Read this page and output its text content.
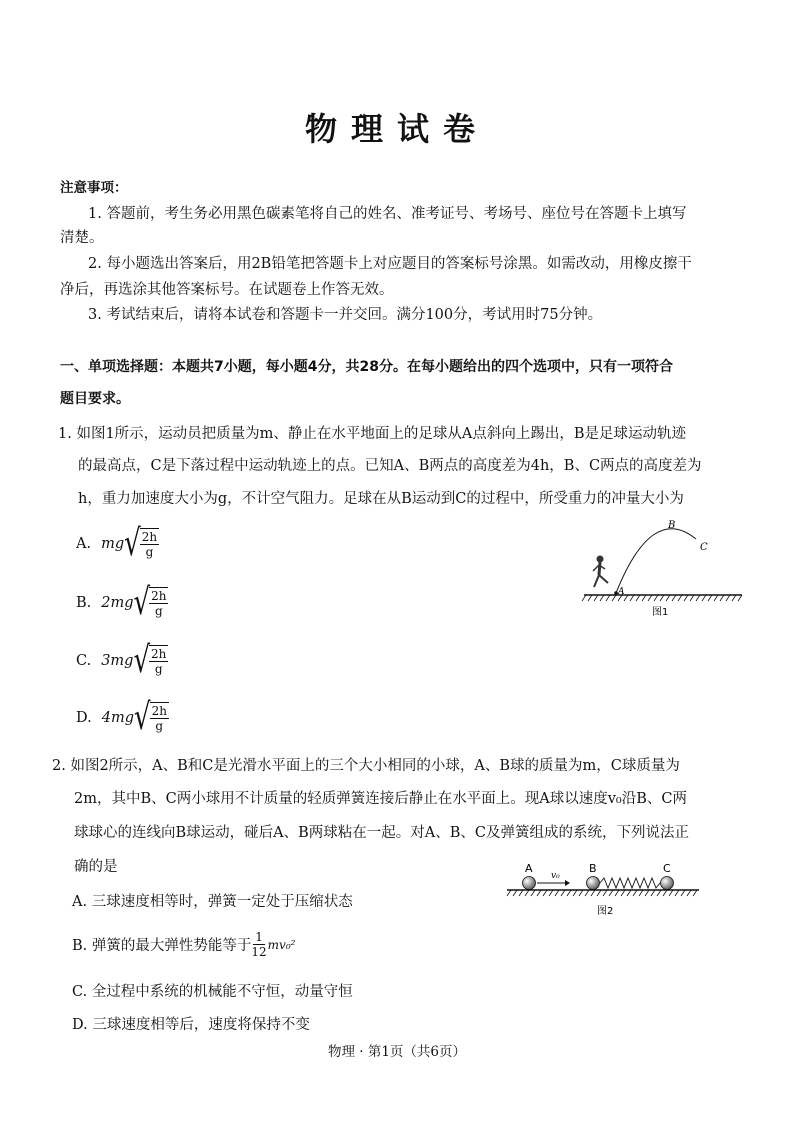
物理试卷
注意事项：
1. 答题前，考生务必用黑色碳素笔将自己的姓名、准考证号、考场号、座位号在答题卡上填写
清楚。
2. 每小题选出答案后，用2B铅笔把答题卡上对应题目的答案标号涂黑。如需改动，用橡皮擦干
净后，再选涂其他答案标号。在试题卷上作答无效。
3. 考试结束后，请将本试卷和答题卡一并交回。满分100分，考试用时75分钟。
一、单项选择题：本题共7小题，每小题4分，共28分。在每小题给出的四个选项中，只有一项符合
题目要求。
1. 如图1所示，运动员把质量为m、静止在水平地面上的足球从A点斜向上踢出，B是足球运动轨迹
的最高点，C是下落过程中运动轨迹上的点。已知A、B两点的高度差为4h，B、C两点的高度差为
h，重力加速度大小为g，不计空气阻力。足球在从B运动到C的过程中，所受重力的冲量大小为
A. mg √ $\frac{2h}{g}$
B. 2mg √ $\frac{2h}{g}$
C. 3mg √ $\frac{2h}{g}$
D. 4mg √ $\frac{2h}{g}$
A
B
C
图1
2. 如图2所示，A、B和C是光滑水平面上的三个大小相同的小球，A、B球的质量为m，C球质量为
2m，其中B、C两小球用不计质量的轻质弹簧连接后静止在水平面上。现A球以速度v₀沿B、C两
球球心的连线向B球运动，碰后A、B两球粘在一起。对A、B、C及弹簧组成的系统，下列说法正
确的是
A. 三球速度相等时，弹簧一定处于压缩状态
B. 弹簧的最大弹性势能等于 $\frac{1}{12} mv_0^2$
C. 全过程中系统的机械能不守恒，动量守恒
D. 三球速度相等后，速度将保持不变
A
v₀
B	C
图2
物理 · 第1页（共6页）
